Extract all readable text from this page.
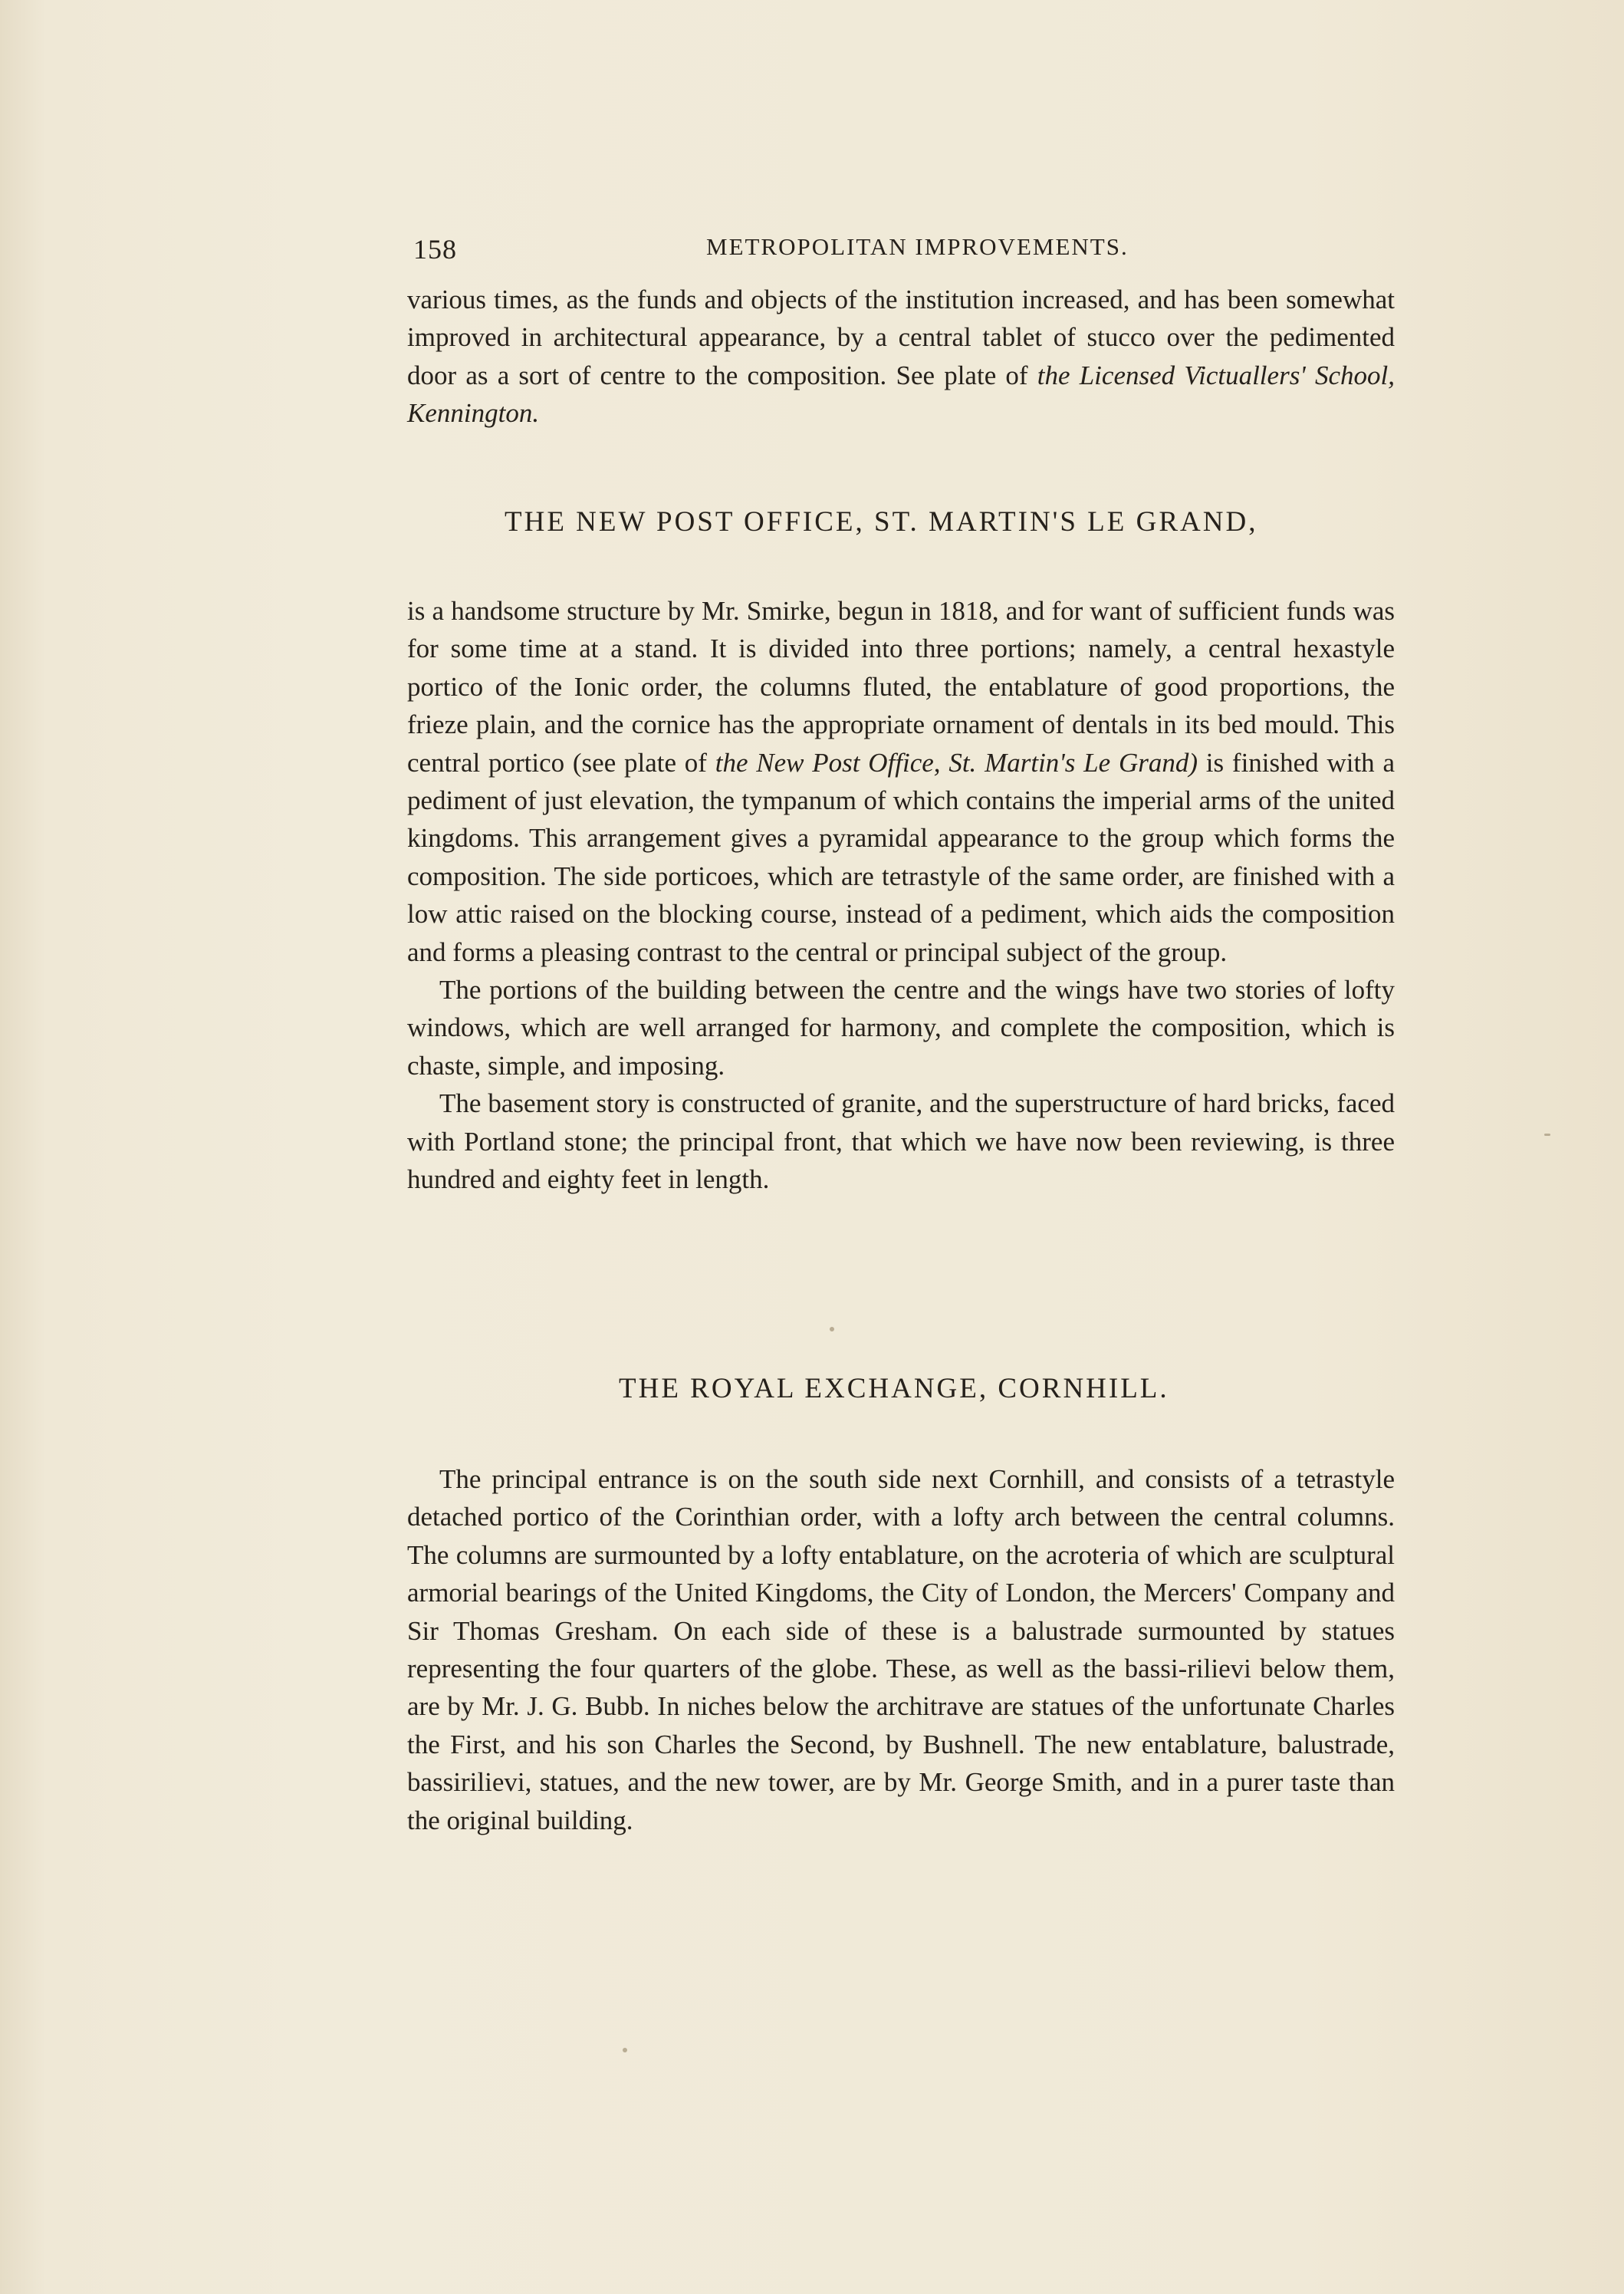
158	METROPOLITAN IMPROVEMENTS.

various times, as the funds and objects of the institution increased, and has been somewhat improved in architectural appearance, by a central tablet of stucco over the pedimented door as a sort of centre to the composition. See plate of the Licensed Victuallers' School, Kennington.

THE NEW POST OFFICE, ST. MARTIN'S LE GRAND,

is a handsome structure by Mr. Smirke, begun in 1818, and for want of sufficient funds was for some time at a stand. It is divided into three portions; namely, a central hexastyle portico of the Ionic order, the columns fluted, the entablature of good proportions, the frieze plain, and the cornice has the appropriate ornament of dentals in its bed mould. This central portico (see plate of the New Post Office, St. Martin's Le Grand) is finished with a pediment of just elevation, the tympanum of which contains the imperial arms of the united kingdoms. This arrangement gives a pyramidal appearance to the group which forms the composition. The side porticoes, which are tetrastyle of the same order, are finished with a low attic raised on the blocking course, instead of a pediment, which aids the composition and forms a pleasing contrast to the central or principal subject of the group.

The portions of the building between the centre and the wings have two stories of lofty windows, which are well arranged for harmony, and complete the composition, which is chaste, simple, and imposing.

The basement story is constructed of granite, and the superstructure of hard bricks, faced with Portland stone; the principal front, that which we have now been reviewing, is three hundred and eighty feet in length.

THE ROYAL EXCHANGE, CORNHILL.

The principal entrance is on the south side next Cornhill, and consists of a tetrastyle detached portico of the Corinthian order, with a lofty arch between the central columns. The columns are surmounted by a lofty entablature, on the acroteria of which are sculptural armorial bearings of the United Kingdoms, the City of London, the Mercers' Company and Sir Thomas Gresham. On each side of these is a balustrade surmounted by statues representing the four quarters of the globe. These, as well as the bassi-rilievi below them, are by Mr. J. G. Bubb. In niches below the architrave are statues of the unfortunate Charles the First, and his son Charles the Second, by Bushnell. The new entablature, balustrade, bassirilievi, statues, and the new tower, are by Mr. George Smith, and in a purer taste than the original building.
